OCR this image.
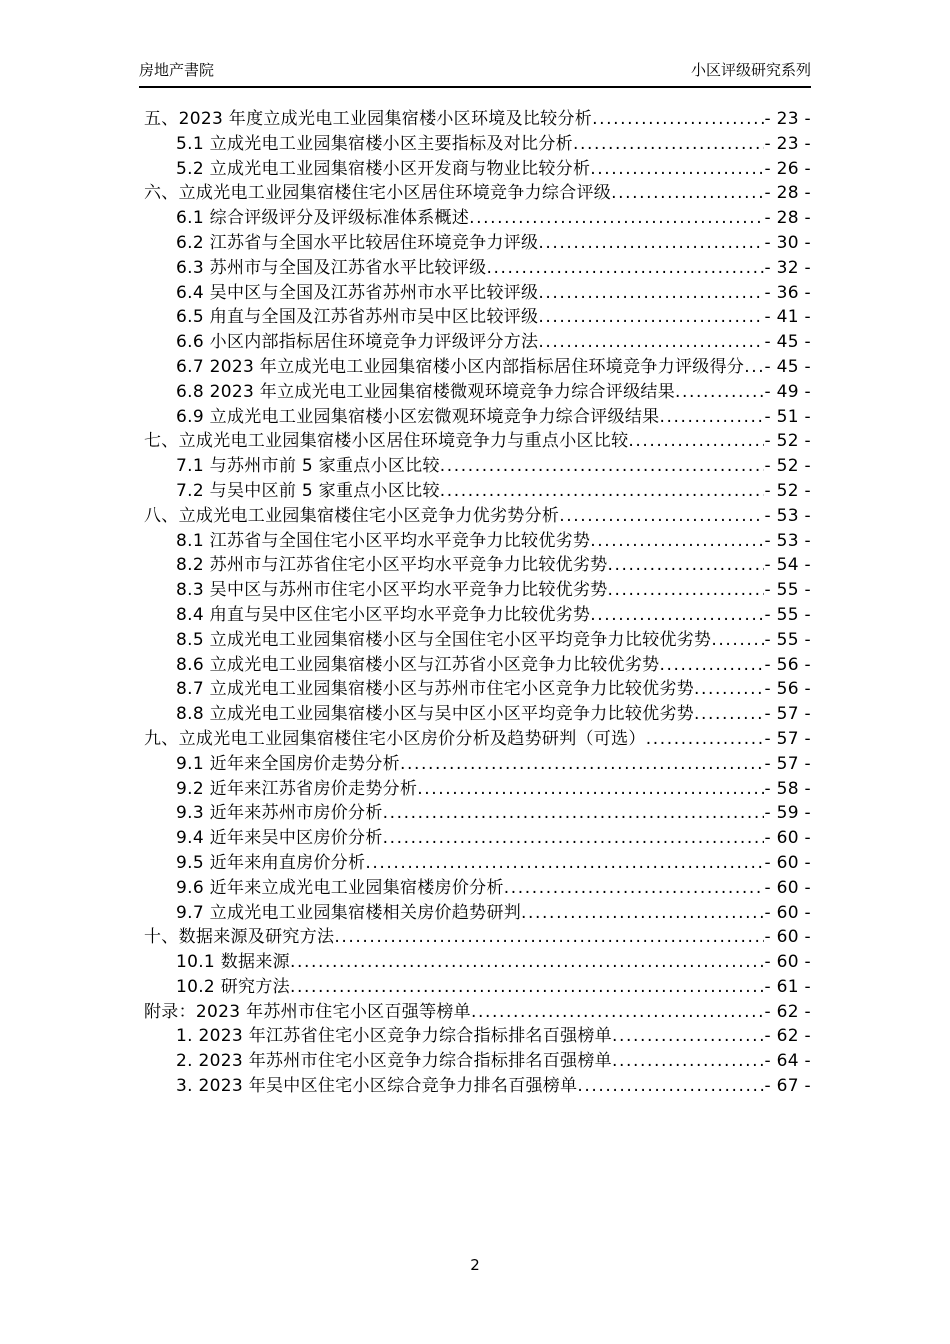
房地产書院	小区评级研究系列
五、2023 年度立成光电工业园集宿楼小区环境及比较分析 .....	- 23 -
5.1 立成光电工业园集宿楼小区主要指标及对比分析 .....	- 23 -
5.2 立成光电工业园集宿楼小区开发商与物业比较分析 .....	- 26 -
六、立成光电工业园集宿楼住宅小区居住环境竞争力综合评级 .....	- 28 -
6.1 综合评级评分及评级标准体系概述 .....	- 28 -
6.2 江苏省与全国水平比较居住环境竞争力评级 .....	- 30 -
6.3 苏州市与全国及江苏省水平比较评级 .....	- 32 -
6.4 吴中区与全国及江苏省苏州市水平比较评级 .....	- 36 -
6.5 甪直与全国及江苏省苏州市吴中区比较评级 .....	- 41 -
6.6 小区内部指标居住环境竞争力评级评分方法 .....	- 45 -
6.7 2023 年立成光电工业园集宿楼小区内部指标居住环境竞争力评级得分 ..... - 45 -
6.8 2023 年立成光电工业园集宿楼微观环境竞争力综合评级结果 .....	- 49 -
6.9 立成光电工业园集宿楼小区宏微观环境竞争力综合评级结果 .....	- 51 -
七、立成光电工业园集宿楼小区居住环境竞争力与重点小区比较 .....	- 52 -
7.1 与苏州市前 5 家重点小区比较 .....	- 52 -
7.2 与吴中区前 5 家重点小区比较 .....	- 52 -
八、立成光电工业园集宿楼住宅小区竞争力优劣势分析 .....	- 53 -
8.1 江苏省与全国住宅小区平均水平竞争力比较优劣势 .....	- 53 -
8.2 苏州市与江苏省住宅小区平均水平竞争力比较优劣势 .....	- 54 -
8.3 吴中区与苏州市住宅小区平均水平竞争力比较优劣势 .....	- 55 -
8.4 甪直与吴中区住宅小区平均水平竞争力比较优劣势 .....	- 55 -
8.5 立成光电工业园集宿楼小区与全国住宅小区平均竞争力比较优劣势 .....	- 55 -
8.6 立成光电工业园集宿楼小区与江苏省小区竞争力比较优劣势 .....	- 56 -
8.7 立成光电工业园集宿楼小区与苏州市住宅小区竞争力比较优劣势 .....	- 56 -
8.8 立成光电工业园集宿楼小区与吴中区小区平均竞争力比较优劣势 .....	- 57 -
九、立成光电工业园集宿楼住宅小区房价分析及趋势研判（可选） .....	- 57 -
9.1 近年来全国房价走势分析 .....	- 57 -
9.2 近年来江苏省房价走势分析 .....	- 58 -
9.3 近年来苏州市房价分析 .....	- 59 -
9.4 近年来吴中区房价分析 .....	- 60 -
9.5 近年来甪直房价分析 .....	- 60 -
9.6 近年来立成光电工业园集宿楼房价分析 .....	- 60 -
9.7 立成光电工业园集宿楼相关房价趋势研判 .....	- 60 -
十、数据来源及研究方法 .....	- 60 -
10.1 数据来源 .....	- 60 -
10.2 研究方法 .....	- 61 -
附录：2023 年苏州市住宅小区百强等榜单 .....	- 62 -
1. 2023 年江苏省住宅小区竞争力综合指标排名百强榜单 .....	- 62 -
2. 2023 年苏州市住宅小区竞争力综合指标排名百强榜单 .....	- 64 -
3. 2023 年吴中区住宅小区综合竞争力排名百强榜单 .....	- 67 -
2
